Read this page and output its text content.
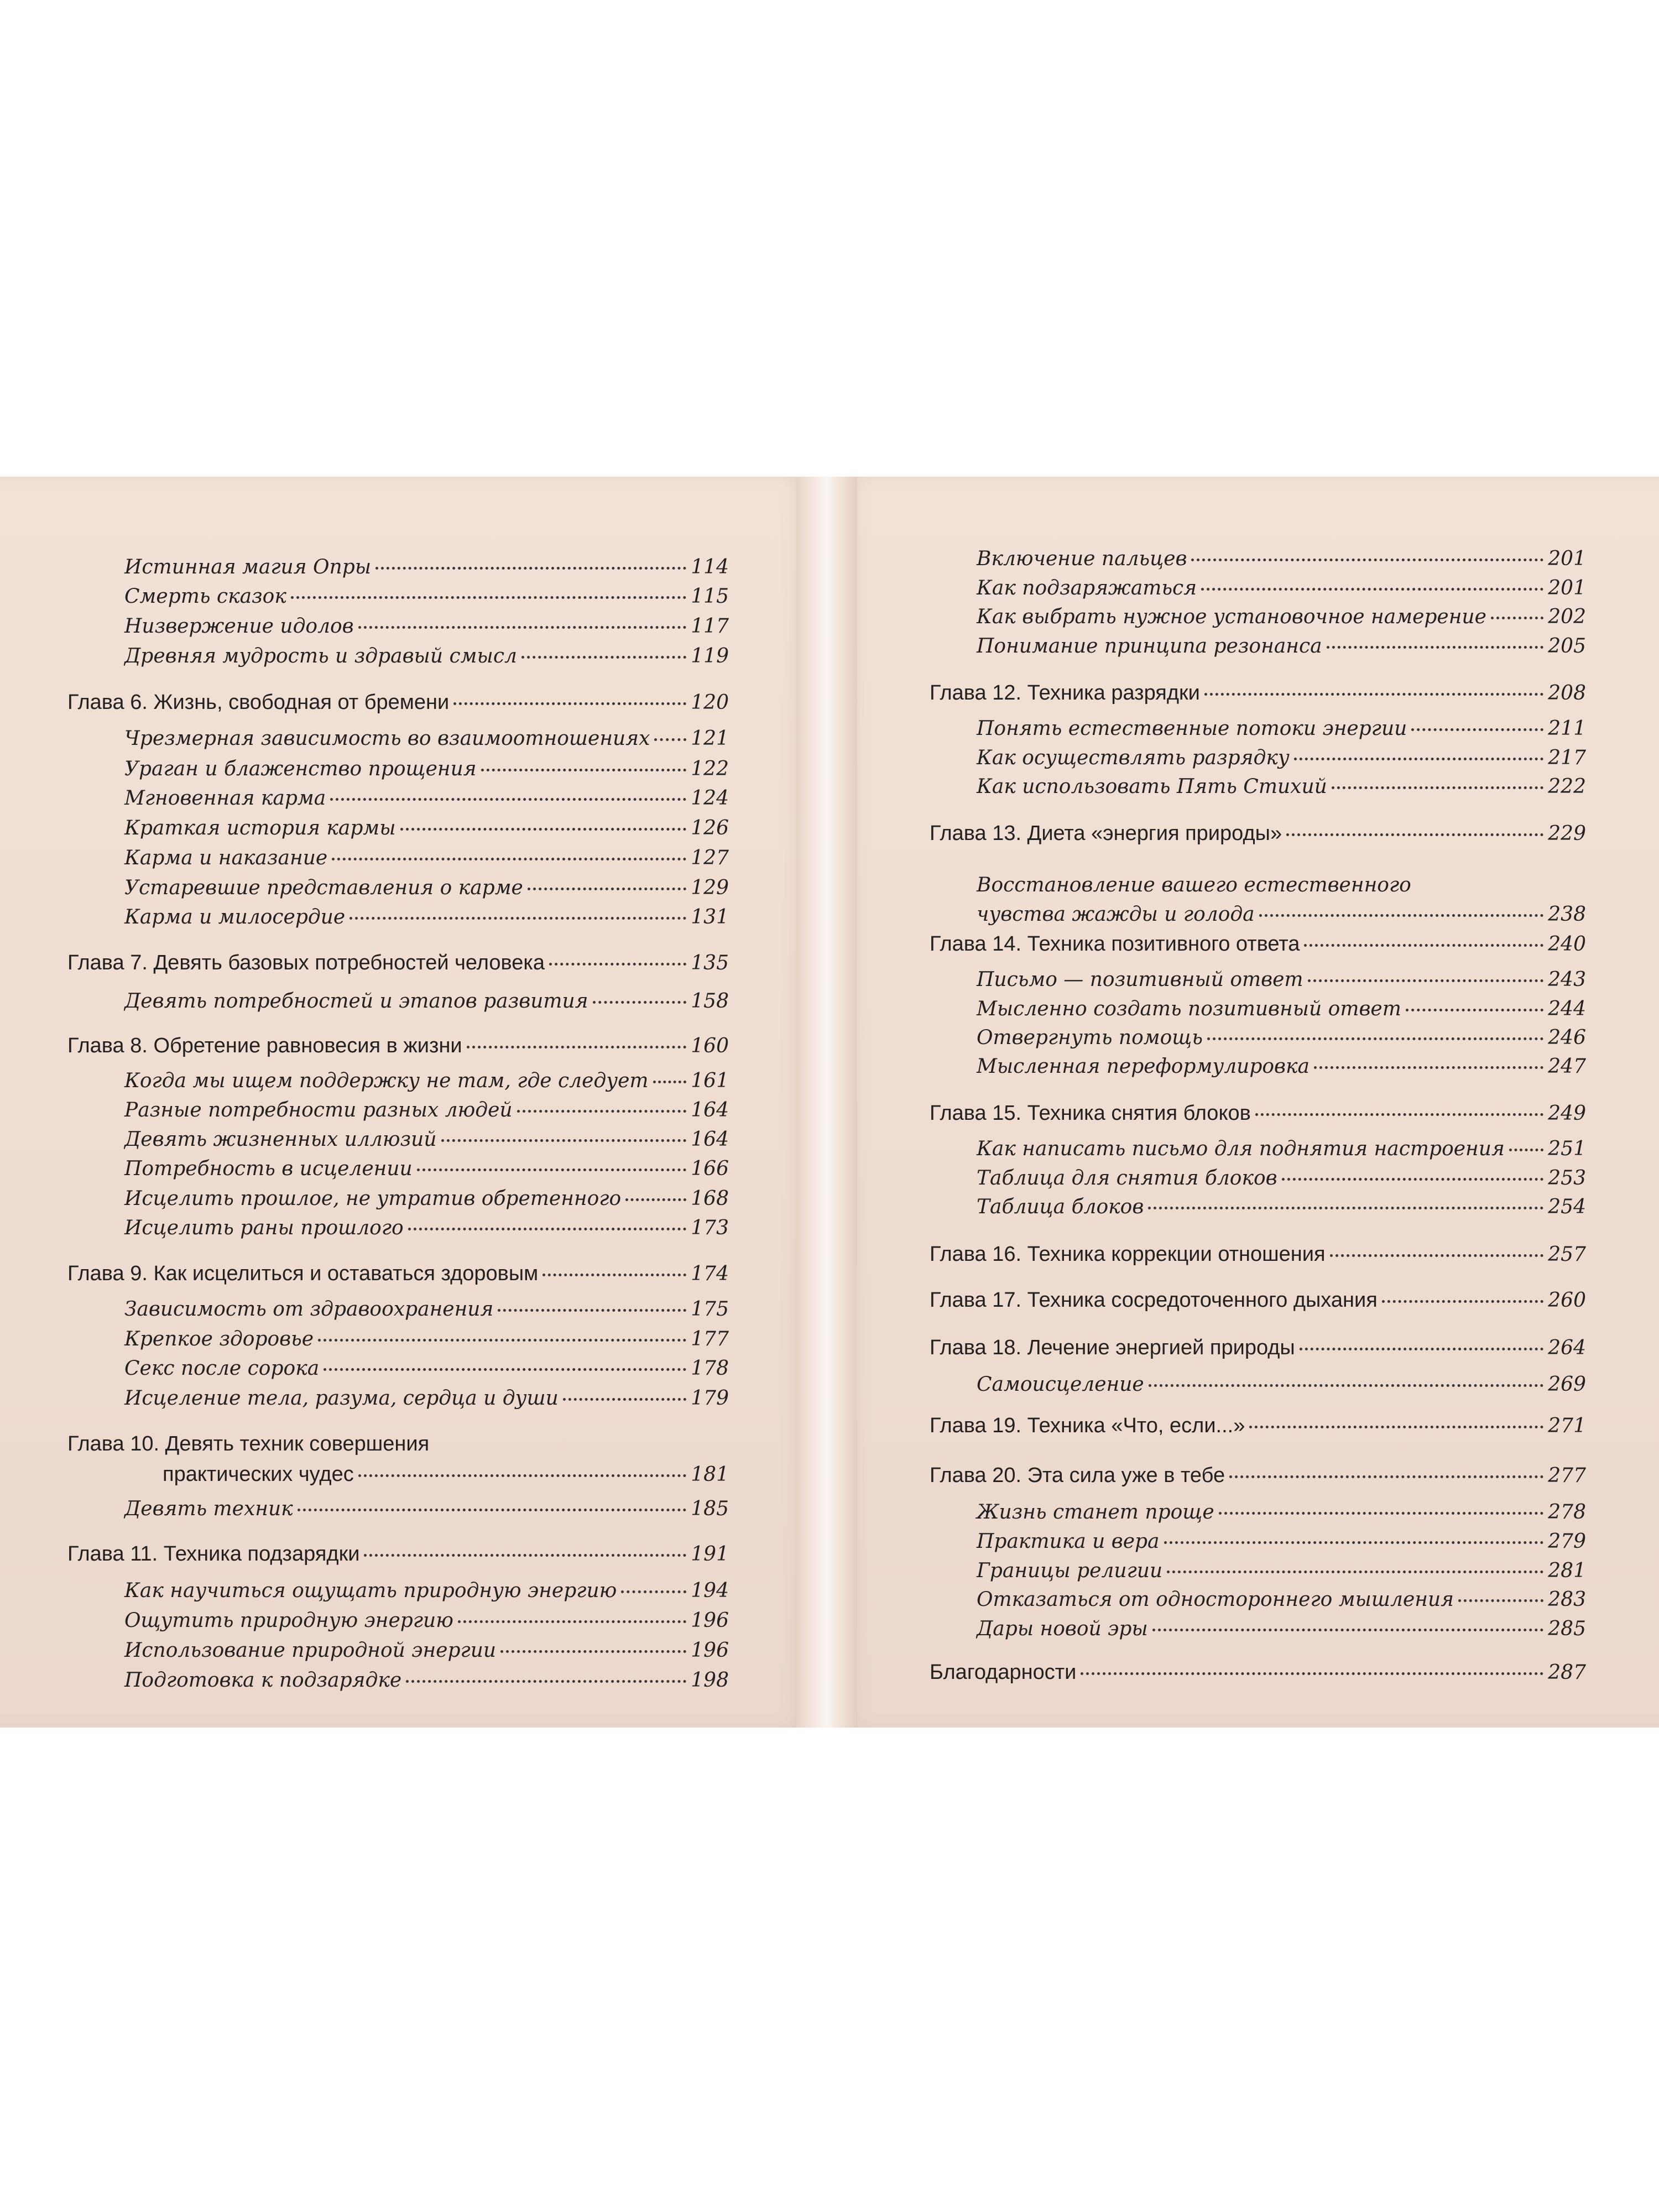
Истинная магия Опры	114
Смерть сказок	115
Низвержение идолов	117
Древняя мудрость и здравый смысл	119
Глава 6. Жизнь, свободная от бремени	120
Чрезмерная зависимость во взаимоотношениях 121
Ураган и блаженство прощения	122
Мгновенная карма	124
Краткая история кармы	126
Карма и наказание	127
Устаревшие представления о карме	129
Карма и милосердие	131
Глава 7. Девять базовых потребностей человека	135
Девять потребностей и этапов развития	158
Глава 8. Обретение равновесия в жизни	160
Когда мы ищем поддержку не там, где следует 161
Разные потребности разных людей	164
Девять жизненных иллюзий	164
Потребность в исцелении	166
Исцелить прошлое, не утратив обретенного	168
Исцелить раны прошлого	173
Глава 9. Как исцелиться и оставаться здоровым	174
Зависимость от здравоохранения	175
Крепкое здоровье	177
Секс после сорока	178
Исцеление тела, разума, сердца и души	179
Глава 10. Девять техник совершения
практических чудес	181
Девять техник	185
Глава 11. Техника подзарядки	191
Как научиться ощущать природную энергию	194
Ощутить природную энергию	196
Использование природной энергии	196
Подготовка к подзарядке	198
Включение пальцев	201
Как подзаряжаться	201
Как выбрать нужное установочное намерение	202
Понимание принципа резонанса	205
Глава 12. Техника разрядки	208
Понять естественные потоки энергии	211
Как осуществлять разрядку	217
Как использовать Пять Стихий	222
Глава 13. Диета «энергия природы»	229
Восстановление вашего естественного
чувства жажды и голода	238
Глава 14. Техника позитивного ответа	240
Письмо — позитивный ответ	243
Мысленно создать позитивный ответ	244
Отвергнуть помощь	246
Мысленная переформулировка	247
Глава 15. Техника снятия блоков	249
Как написать письмо для поднятия настроения 251
Таблица для снятия блоков	253
Таблица блоков	254
Глава 16. Техника коррекции отношения	257
Глава 17. Техника сосредоточенного дыхания	260
Глава 18. Лечение энергией природы	264
Самоисцеление	269
Глава 19. Техника «Что, если...»	271
Глава 20. Эта сила уже в тебе	277
Жизнь станет проще	278
Практика и вера	279
Границы религии	281
Отказаться от одностороннего мышления	283
Дары новой эры	285
Благодарности	287
